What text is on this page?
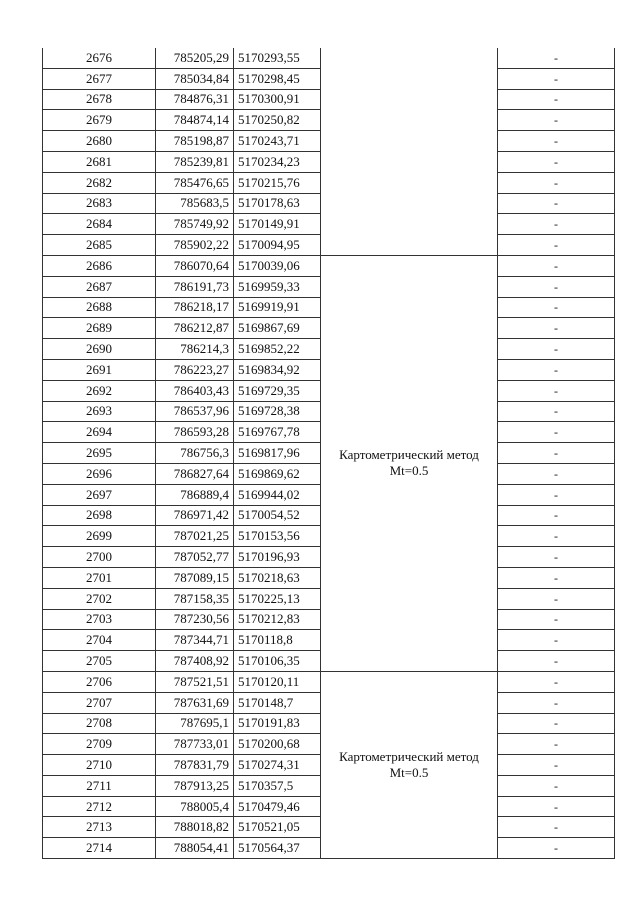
2676	785205,29	5170293,55		-
2677	785034,84	5170298,45		-
2678	784876,31	5170300,91		-
2679	784874,14	5170250,82		-
2680	785198,87	5170243,71		-
2681	785239,81	5170234,23		-
2682	785476,65	5170215,76		-
2683	785683,5	5170178,63		-
2684	785749,92	5170149,91		-
2685	785902,22	5170094,95		-
2686	786070,64	5170039,06	Картометрический метод Mt=0.5	-
2687	786191,73	5169959,33		-
2688	786218,17	5169919,91		-
2689	786212,87	5169867,69		-
2690	786214,3	5169852,22		-
2691	786223,27	5169834,92		-
2692	786403,43	5169729,35		-
2693	786537,96	5169728,38		-
2694	786593,28	5169767,78		-
2695	786756,3	5169817,96		-
2696	786827,64	5169869,62		-
2697	786889,4	5169944,02		-
2698	786971,42	5170054,52		-
2699	787021,25	5170153,56		-
2700	787052,77	5170196,93		-
2701	787089,15	5170218,63		-
2702	787158,35	5170225,13		-
2703	787230,56	5170212,83		-
2704	787344,71	5170118,8		-
2705	787408,92	5170106,35		-
2706	787521,51	5170120,11	Картометрический метод Mt=0.5	-
2707	787631,69	5170148,7		-
2708	787695,1	5170191,83		-
2709	787733,01	5170200,68		-
2710	787831,79	5170274,31		-
2711	787913,25	5170357,5		-
2712	788005,4	5170479,46		-
2713	788018,82	5170521,05		-
2714	788054,41	5170564,37		-
